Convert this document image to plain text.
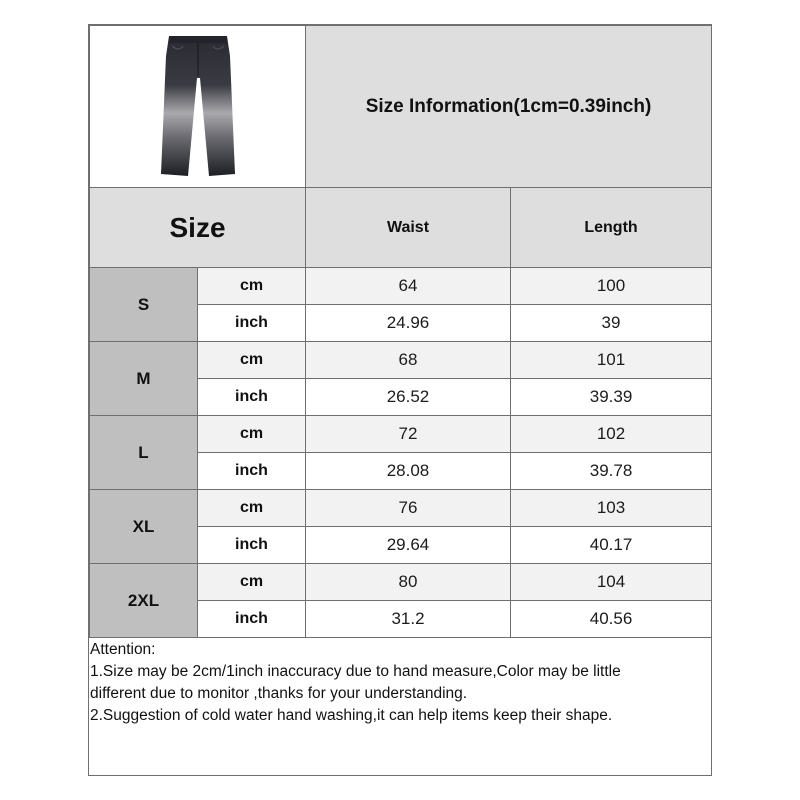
	Size Information(1cm=0.39inch)	
Size		Waist	Length
S	cm	64	100
	inch	24.96	39
M	cm	68	101
	inch	26.52	39.39
L	cm	72	102
	inch	28.08	39.78
XL	cm	76	103
	inch	29.64	40.17
2XL	cm	80	104
	inch	31.2	40.56
Attention:
1.Size may be 2cm/1inch inaccuracy due to hand measure,Color may be little
different due to monitor ,thanks for your understanding.
2.Suggestion of cold water hand washing,it can help items keep their shape.
